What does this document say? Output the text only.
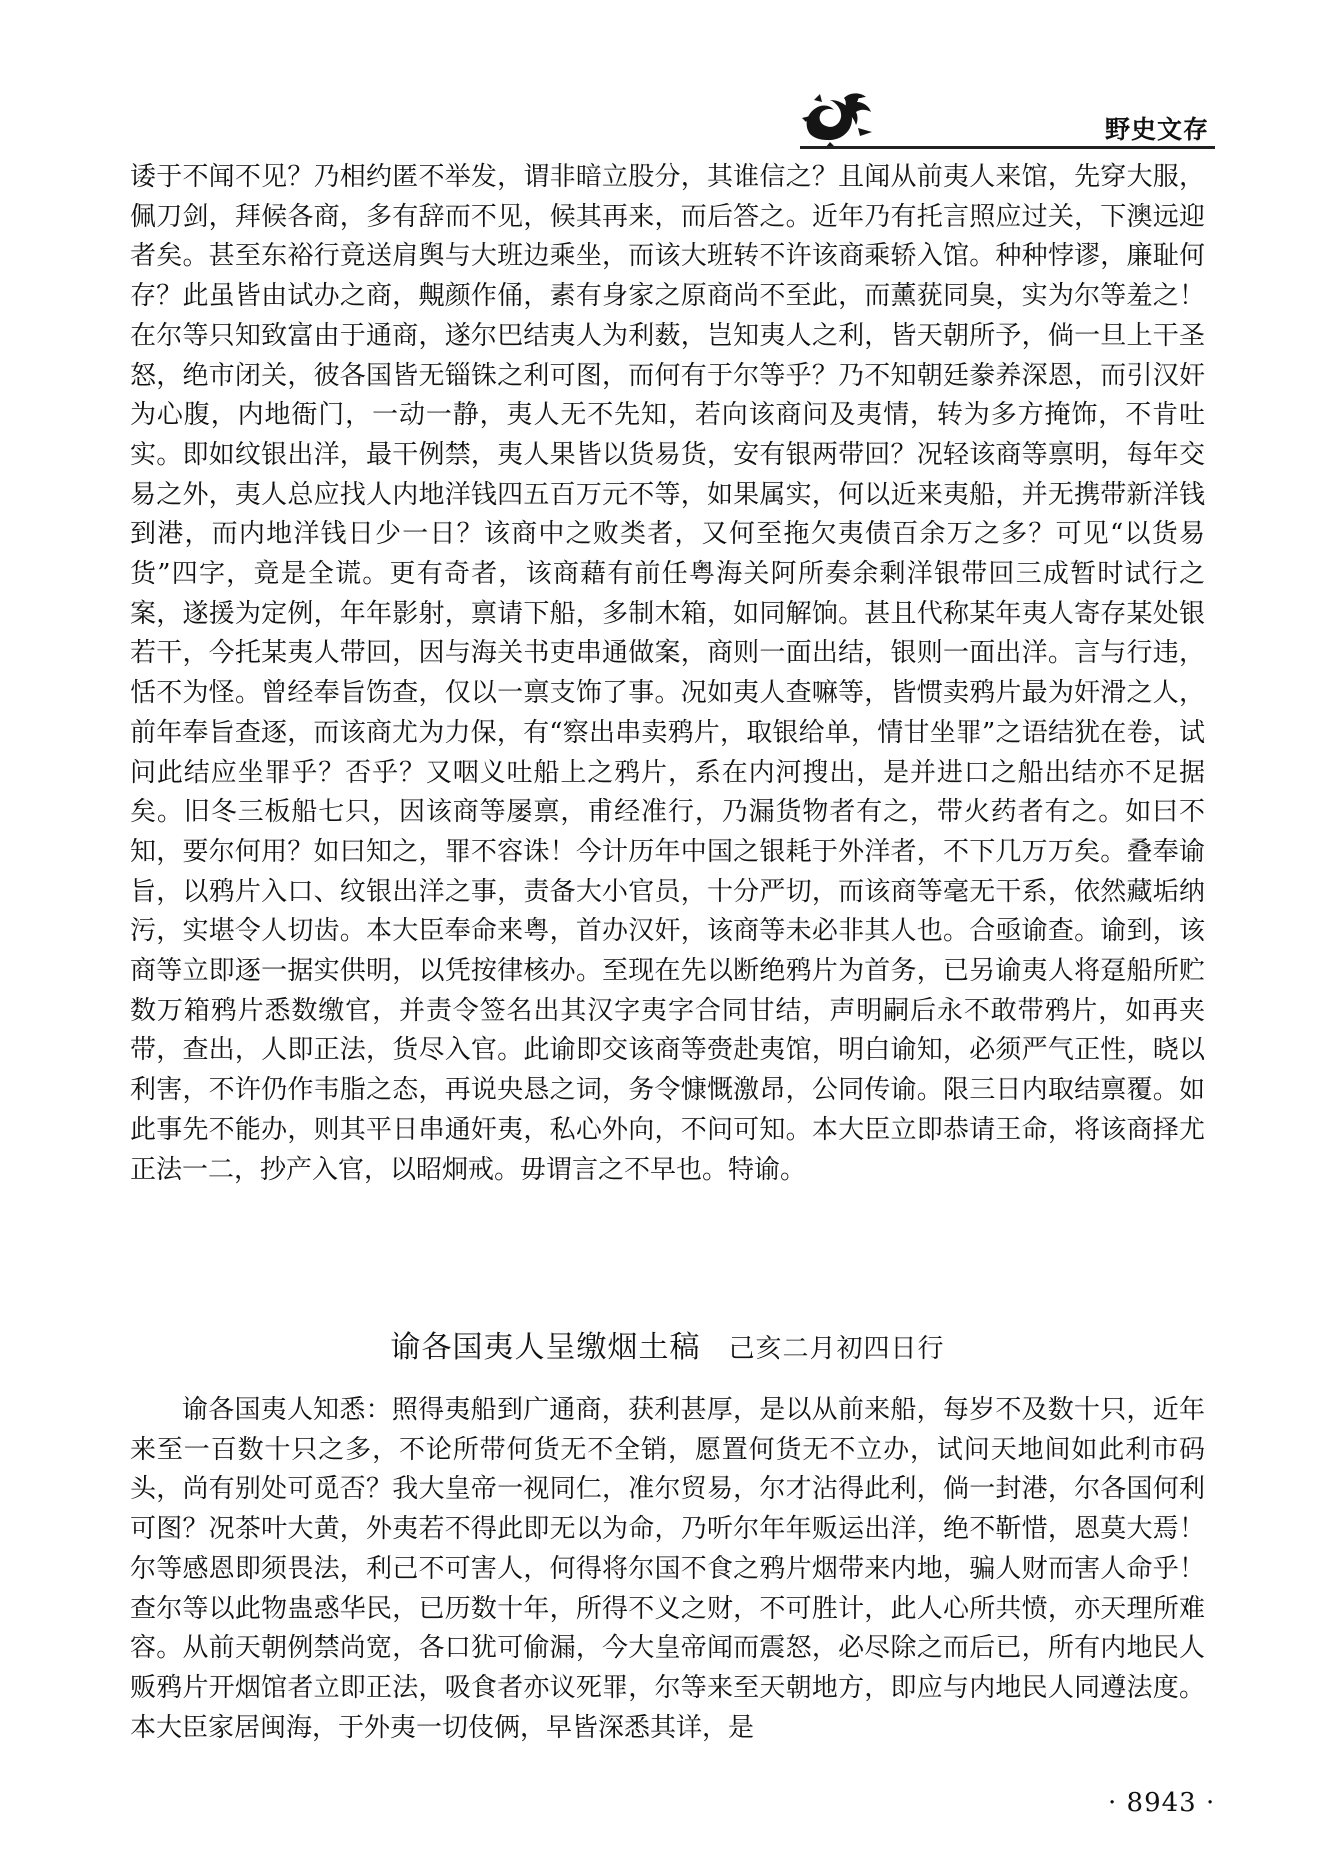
野史文存
诿于不闻不见？乃相约匿不举发，谓非暗立股分，其谁信之？且闻从前夷人来馆，先穿大服，佩刀剑，拜候各商，多有辞而不见，候其再来，而后答之。近年乃有托言照应过关，下澳远迎者矣。甚至东裕行竟送肩舆与大班边乘坐，而该大班转不许该商乘轿入馆。种种悖谬，廉耻何存？此虽皆由试办之商，覥颜作俑，素有身家之原商尚不至此，而薰莸同臭，实为尔等羞之！在尔等只知致富由于通商，遂尔巴结夷人为利薮，岂知夷人之利，皆天朝所予，倘一旦上干圣怒，绝市闭关，彼各国皆无锱铢之利可图，而何有于尔等乎？乃不知朝廷豢养深恩，而引汉奸为心腹，内地衙门，一动一静，夷人无不先知，若向该商问及夷情，转为多方掩饰，不肯吐实。即如纹银出洋，最干例禁，夷人果皆以货易货，安有银两带回？况轻该商等禀明，每年交易之外，夷人总应找人内地洋钱四五百万元不等，如果属实，何以近来夷船，并无携带新洋钱到港，而内地洋钱日少一日？该商中之败类者，又何至拖欠夷债百余万之多？可见“以货易货”四字，竟是全谎。更有奇者，该商藉有前任粤海关阿所奏余剩洋银带回三成暂时试行之案，遂援为定例，年年影射，禀请下船，多制木箱，如同解饷。甚且代称某年夷人寄存某处银若干，今托某夷人带回，因与海关书吏串通做案，商则一面出结，银则一面出洋。言与行违，恬不为怪。曾经奉旨饬查，仅以一禀支饰了事。况如夷人查嘛等，皆惯卖鸦片最为奸滑之人，前年奉旨查逐，而该商尤为力保，有“察出串卖鸦片，取银给单，情甘坐罪”之语结犹在卷，试问此结应坐罪乎？否乎？又咽义吐船上之鸦片，系在内河搜出，是并进口之船出结亦不足据矣。旧冬三板船七只，因该商等屡禀，甫经准行，乃漏货物者有之，带火药者有之。如曰不知，要尔何用？如曰知之，罪不容诛！今计历年中国之银耗于外洋者，不下几万万矣。叠奉谕旨，以鸦片入口、纹银出洋之事，责备大小官员，十分严切，而该商等毫无干系，依然藏垢纳污，实堪令人切齿。本大臣奉命来粤，首办汉奸，该商等未必非其人也。合亟谕查。谕到，该商等立即逐一据实供明，以凭按律核办。至现在先以断绝鸦片为首务，已另谕夷人将趸船所贮数万箱鸦片悉数缴官，并责令签名出其汉字夷字合同甘结，声明嗣后永不敢带鸦片，如再夹带，查出，人即正法，货尽入官。此谕即交该商等赍赴夷馆，明白谕知，必须严气正性，晓以利害，不许仍作韦脂之态，再说央恳之词，务令慷慨激昂，公同传谕。限三日内取结禀覆。如此事先不能办，则其平日串通奸夷，私心外向，不问可知。本大臣立即恭请王命，将该商择尤正法一二，抄产入官，以昭炯戒。毋谓言之不早也。特谕。
谕各国夷人呈缴烟土稿 己亥二月初四日行
谕各国夷人知悉：照得夷船到广通商，获利甚厚，是以从前来船，每岁不及数十只，近年来至一百数十只之多，不论所带何货无不全销，愿置何货无不立办，试问天地间如此利市码头，尚有别处可觅否？我大皇帝一视同仁，准尔贸易，尔才沾得此利，倘一封港，尔各国何利可图？况茶叶大黄，外夷若不得此即无以为命，乃听尔年年贩运出洋，绝不靳惜，恩莫大焉！尔等感恩即须畏法，利己不可害人，何得将尔国不食之鸦片烟带来内地，骗人财而害人命乎！查尔等以此物蛊惑华民，已历数十年，所得不义之财，不可胜计，此人心所共愤，亦天理所难容。从前天朝例禁尚宽，各口犹可偷漏，今大皇帝闻而震怒，必尽除之而后已，所有内地民人贩鸦片开烟馆者立即正法，吸食者亦议死罪，尔等来至天朝地方，即应与内地民人同遵法度。本大臣家居闽海，于外夷一切伎俩，早皆深悉其详，是
· 8943 ·
